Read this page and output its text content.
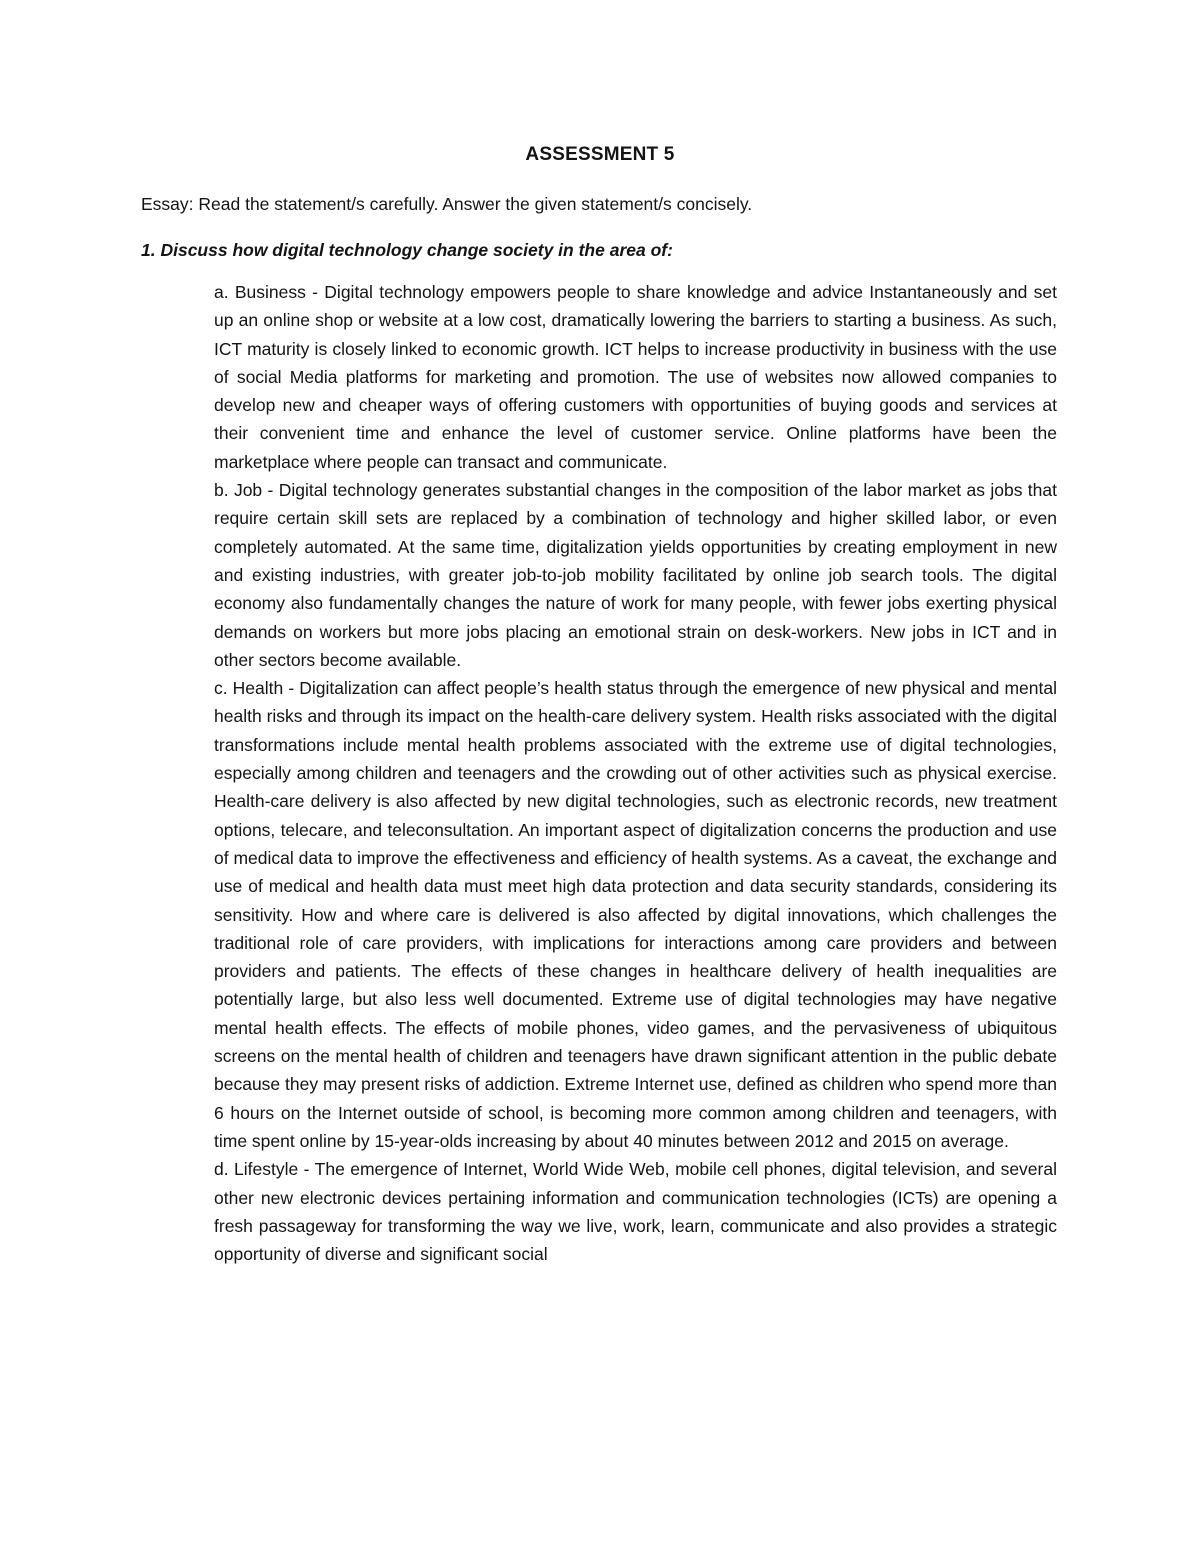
ASSESSMENT 5
Essay: Read the statement/s carefully. Answer the given statement/s concisely.
1. Discuss how digital technology change society in the area of:

a. Business - Digital technology empowers people to share knowledge and advice Instantaneously and set up an online shop or website at a low cost, dramatically lowering the barriers to starting a business. As such, ICT maturity is closely linked to economic growth. ICT helps to increase productivity in business with the use of social Media platforms for marketing and promotion. The use of websites now allowed companies to develop new and cheaper ways of offering customers with opportunities of buying goods and services at their convenient time and enhance the level of customer service. Online platforms have been the marketplace where people can transact and communicate.

b. Job - Digital technology generates substantial changes in the composition of the labor market as jobs that require certain skill sets are replaced by a combination of technology and higher skilled labor, or even completely automated. At the same time, digitalization yields opportunities by creating employment in new and existing industries, with greater job-to-job mobility facilitated by online job search tools. The digital economy also fundamentally changes the nature of work for many people, with fewer jobs exerting physical demands on workers but more jobs placing an emotional strain on desk-workers. New jobs in ICT and in other sectors become available.

c. Health - Digitalization can affect people’s health status through the emergence of new physical and mental health risks and through its impact on the health-care delivery system. Health risks associated with the digital transformations include mental health problems associated with the extreme use of digital technologies, especially among children and teenagers and the crowding out of other activities such as physical exercise. Health-care delivery is also affected by new digital technologies, such as electronic records, new treatment options, telecare, and teleconsultation. An important aspect of digitalization concerns the production and use of medical data to improve the effectiveness and efficiency of health systems. As a caveat, the exchange and use of medical and health data must meet high data protection and data security standards, considering its sensitivity. How and where care is delivered is also affected by digital innovations, which challenges the traditional role of care providers, with implications for interactions among care providers and between providers and patients. The effects of these changes in healthcare delivery of health inequalities are potentially large, but also less well documented. Extreme use of digital technologies may have negative mental health effects. The effects of mobile phones, video games, and the pervasiveness of ubiquitous screens on the mental health of children and teenagers have drawn significant attention in the public debate because they may present risks of addiction. Extreme Internet use, defined as children who spend more than 6 hours on the Internet outside of school, is becoming more common among children and teenagers, with time spent online by 15-year-olds increasing by about 40 minutes between 2012 and 2015 on average.

d. Lifestyle - The emergence of Internet, World Wide Web, mobile cell phones, digital television, and several other new electronic devices pertaining information and communication technologies (ICTs) are opening a fresh passageway for transforming the way we live, work, learn, communicate and also provides a strategic opportunity of diverse and significant social
